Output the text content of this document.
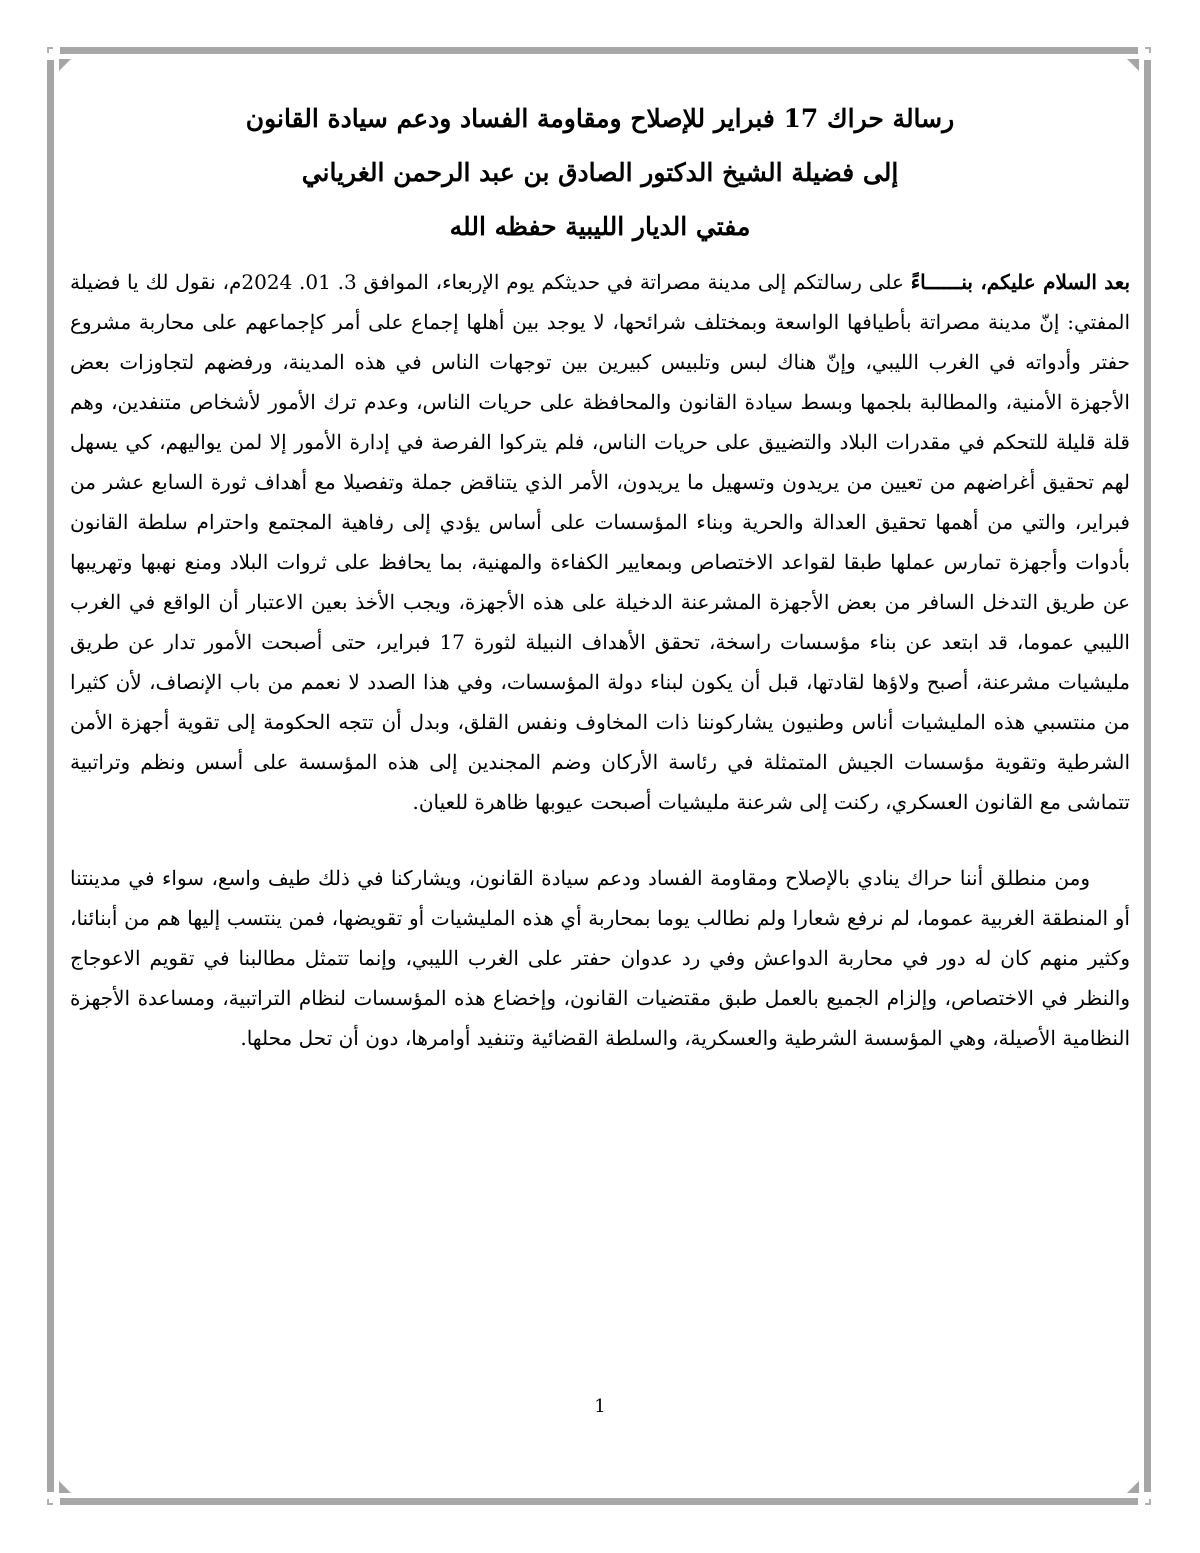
رسالة حراك 17 فبراير للإصلاح ومقاومة الفساد ودعم سيادة القانون

إلى فضيلة الشيخ الدكتور الصادق بن عبد الرحمن الغرياني

مفتي الديار الليبية حفظه الله

بعد السلام عليكم، بنــــــاءً على رسالتكم إلى مدينة مصراتة في حديثكم يوم الإربعاء، الموافق 3. 01. 2024م، نقول لك يا فضيلة المفتي: إنّ مدينة مصراتة بأطيافها الواسعة وبمختلف شرائحها، لا يوجد بين أهلها إجماع على أمر كإجماعهم على محاربة مشروع حفتر وأدواته في الغرب الليبي، وإنّ هناك لبس وتلبيس كبيرين بين توجهات الناس في هذه المدينة، ورفضهم لتجاوزات بعض الأجهزة الأمنية، والمطالبة بلجمها وبسط سيادة القانون والمحافظة على حريات الناس، وعدم ترك الأمور لأشخاص متنفدين، وهم قلة قليلة للتحكم في مقدرات البلاد والتضييق على حريات الناس، فلم يتركوا الفرصة في إدارة الأمور إلا لمن يواليهم، كي يسهل لهم تحقيق أغراضهم من تعيين من يريدون وتسهيل ما يريدون، الأمر الذي يتناقض جملة وتفصيلا مع أهداف ثورة السابع عشر من فبراير، والتي من أهمها تحقيق العدالة والحرية وبناء المؤسسات على أساس يؤدي إلى رفاهية المجتمع واحترام سلطة القانون بأدوات وأجهزة تمارس عملها طبقا لقواعد الاختصاص وبمعايير الكفاءة والمهنية، بما يحافظ على ثروات البلاد ومنع نهبها وتهريبها عن طريق التدخل السافر من بعض الأجهزة المشرعنة الدخيلة على هذه الأجهزة، ويجب الأخذ بعين الاعتبار أن الواقع في الغرب الليبي عموما، قد ابتعد عن بناء مؤسسات راسخة، تحقق الأهداف النبيلة لثورة 17 فبراير، حتى أصبحت الأمور تدار عن طريق مليشيات مشرعنة، أصبح ولاؤها لقادتها، قبل أن يكون لبناء دولة المؤسسات، وفي هذا الصدد لا نعمم من باب الإنصاف، لأن كثيرا من منتسبي هذه المليشيات أناس وطنيون يشاركوننا ذات المخاوف ونفس القلق، وبدل أن تتجه الحكومة إلى تقوية أجهزة الأمن الشرطية وتقوية مؤسسات الجيش المتمثلة في رئاسة الأركان وضم المجندين إلى هذه المؤسسة على أسس ونظم وتراتبية تتماشى مع القانون العسكري، ركنت إلى شرعنة مليشيات أصبحت عيوبها ظاهرة للعيان.

ومن منطلق أننا حراك ينادي بالإصلاح ومقاومة الفساد ودعم سيادة القانون، ويشاركنا في ذلك طيف واسع، سواء في مدينتنا أو المنطقة الغربية عموما، لم نرفع شعارا ولم نطالب يوما بمحاربة أي هذه المليشيات أو تقويضها، فمن ينتسب إليها هم من أبنائنا، وكثير منهم كان له دور في محاربة الدواعش وفي رد عدوان حفتر على الغرب الليبي، وإنما تتمثل مطالبنا في تقويم الاعوجاج والنظر في الاختصاص، وإلزام الجميع بالعمل طبق مقتضيات القانون، وإخضاع هذه المؤسسات لنظام التراتبية، ومساعدة الأجهزة النظامية الأصيلة، وهي المؤسسة الشرطية والعسكرية، والسلطة القضائية وتنفيد أوامرها، دون أن تحل محلها.

1
